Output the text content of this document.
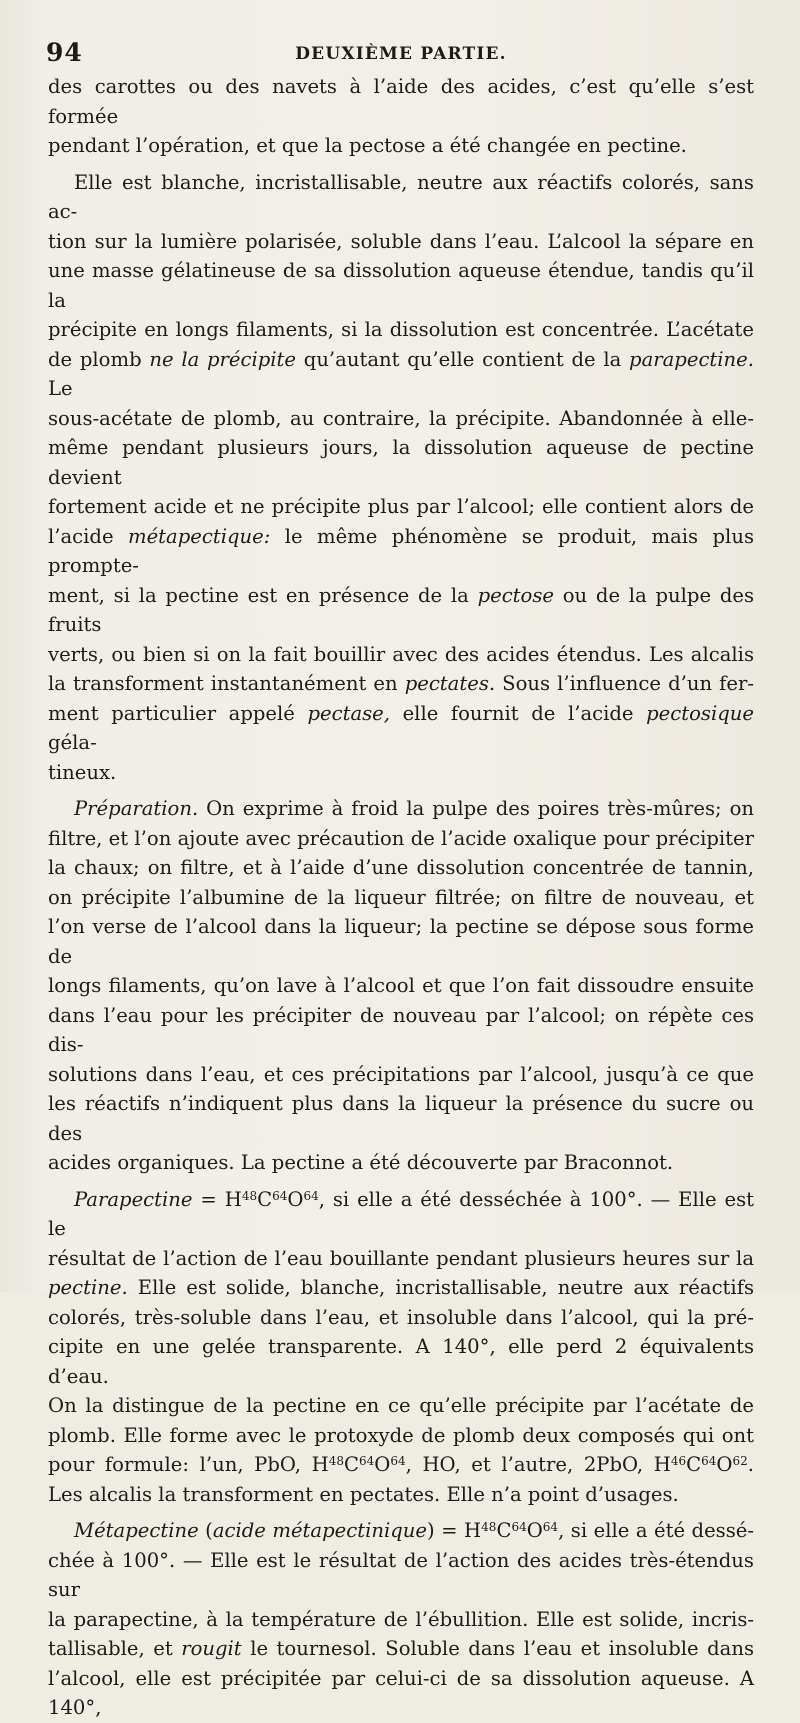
94	DEUXIÈME PARTIE.

des carottes ou des navets à l’aide des acides, c’est qu’elle s’est formée

pendant l’opération, et que la pectose a été changée en pectine.

Elle est blanche, incristallisable, neutre aux réactifs colorés, sans ac-

tion sur la lumière polarisée, soluble dans l’eau. L’alcool la sépare en

une masse gélatineuse de sa dissolution aqueuse étendue, tandis qu’il la

précipite en longs filaments, si la dissolution est concentrée. L’acétate

de plomb ne la précipite qu’autant qu’elle contient de la parapectine. Le

sous-acétate de plomb, au contraire, la précipite. Abandonnée à elle-

même pendant plusieurs jours, la dissolution aqueuse de pectine devient

fortement acide et ne précipite plus par l’alcool; elle contient alors de

l’acide métapectique: le même phénomène se produit, mais plus prompte-

ment, si la pectine est en présence de la pectose ou de la pulpe des fruits

verts, ou bien si on la fait bouillir avec des acides étendus. Les alcalis

la transforment instantanément en pectates. Sous l’influence d’un fer-

ment particulier appelé pectase, elle fournit de l’acide pectosique géla-

tineux.

Préparation. On exprime à froid la pulpe des poires très-mûres; on

filtre, et l’on ajoute avec précaution de l’acide oxalique pour précipiter

la chaux; on filtre, et à l’aide d’une dissolution concentrée de tannin,

on précipite l’albumine de la liqueur filtrée; on filtre de nouveau, et

l’on verse de l’alcool dans la liqueur; la pectine se dépose sous forme de

longs filaments, qu’on lave à l’alcool et que l’on fait dissoudre ensuite

dans l’eau pour les précipiter de nouveau par l’alcool; on répète ces dis-

solutions dans l’eau, et ces précipitations par l’alcool, jusqu’à ce que

les réactifs n’indiquent plus dans la liqueur la présence du sucre ou des

acides organiques. La pectine a été découverte par Braconnot.

Parapectine = $H^{48}C^{64}O^{64}$, si elle a été desséchée à 100°. — Elle est le

résultat de l’action de l’eau bouillante pendant plusieurs heures sur la

pectine. Elle est solide, blanche, incristallisable, neutre aux réactifs

colorés, très-soluble dans l’eau, et insoluble dans l’alcool, qui la pré-

cipite en une gelée transparente. A 140°, elle perd 2 équivalents d’eau.

On la distingue de la pectine en ce qu’elle précipite par l’acétate de

plomb. Elle forme avec le protoxyde de plomb deux composés qui ont

pour formule: l’un, PbO, $H^{48}C^{64}O^{64}$, HO, et l’autre, 2PbO, $H^{46}C^{64}O^{62}$.

Les alcalis la transforment en pectates. Elle n’a point d’usages.

Métapectine (acide métapectinique) = $H^{48}C^{64}O^{64}$, si elle a été dessé-

chée à 100°. — Elle est le résultat de l’action des acides très-étendus sur

la parapectine, à la température de l’ébullition. Elle est solide, incris-

tallisable, et rougit le tournesol. Soluble dans l’eau et insoluble dans

l’alcool, elle est précipitée par celui-ci de sa dissolution aqueuse. A 140°,
